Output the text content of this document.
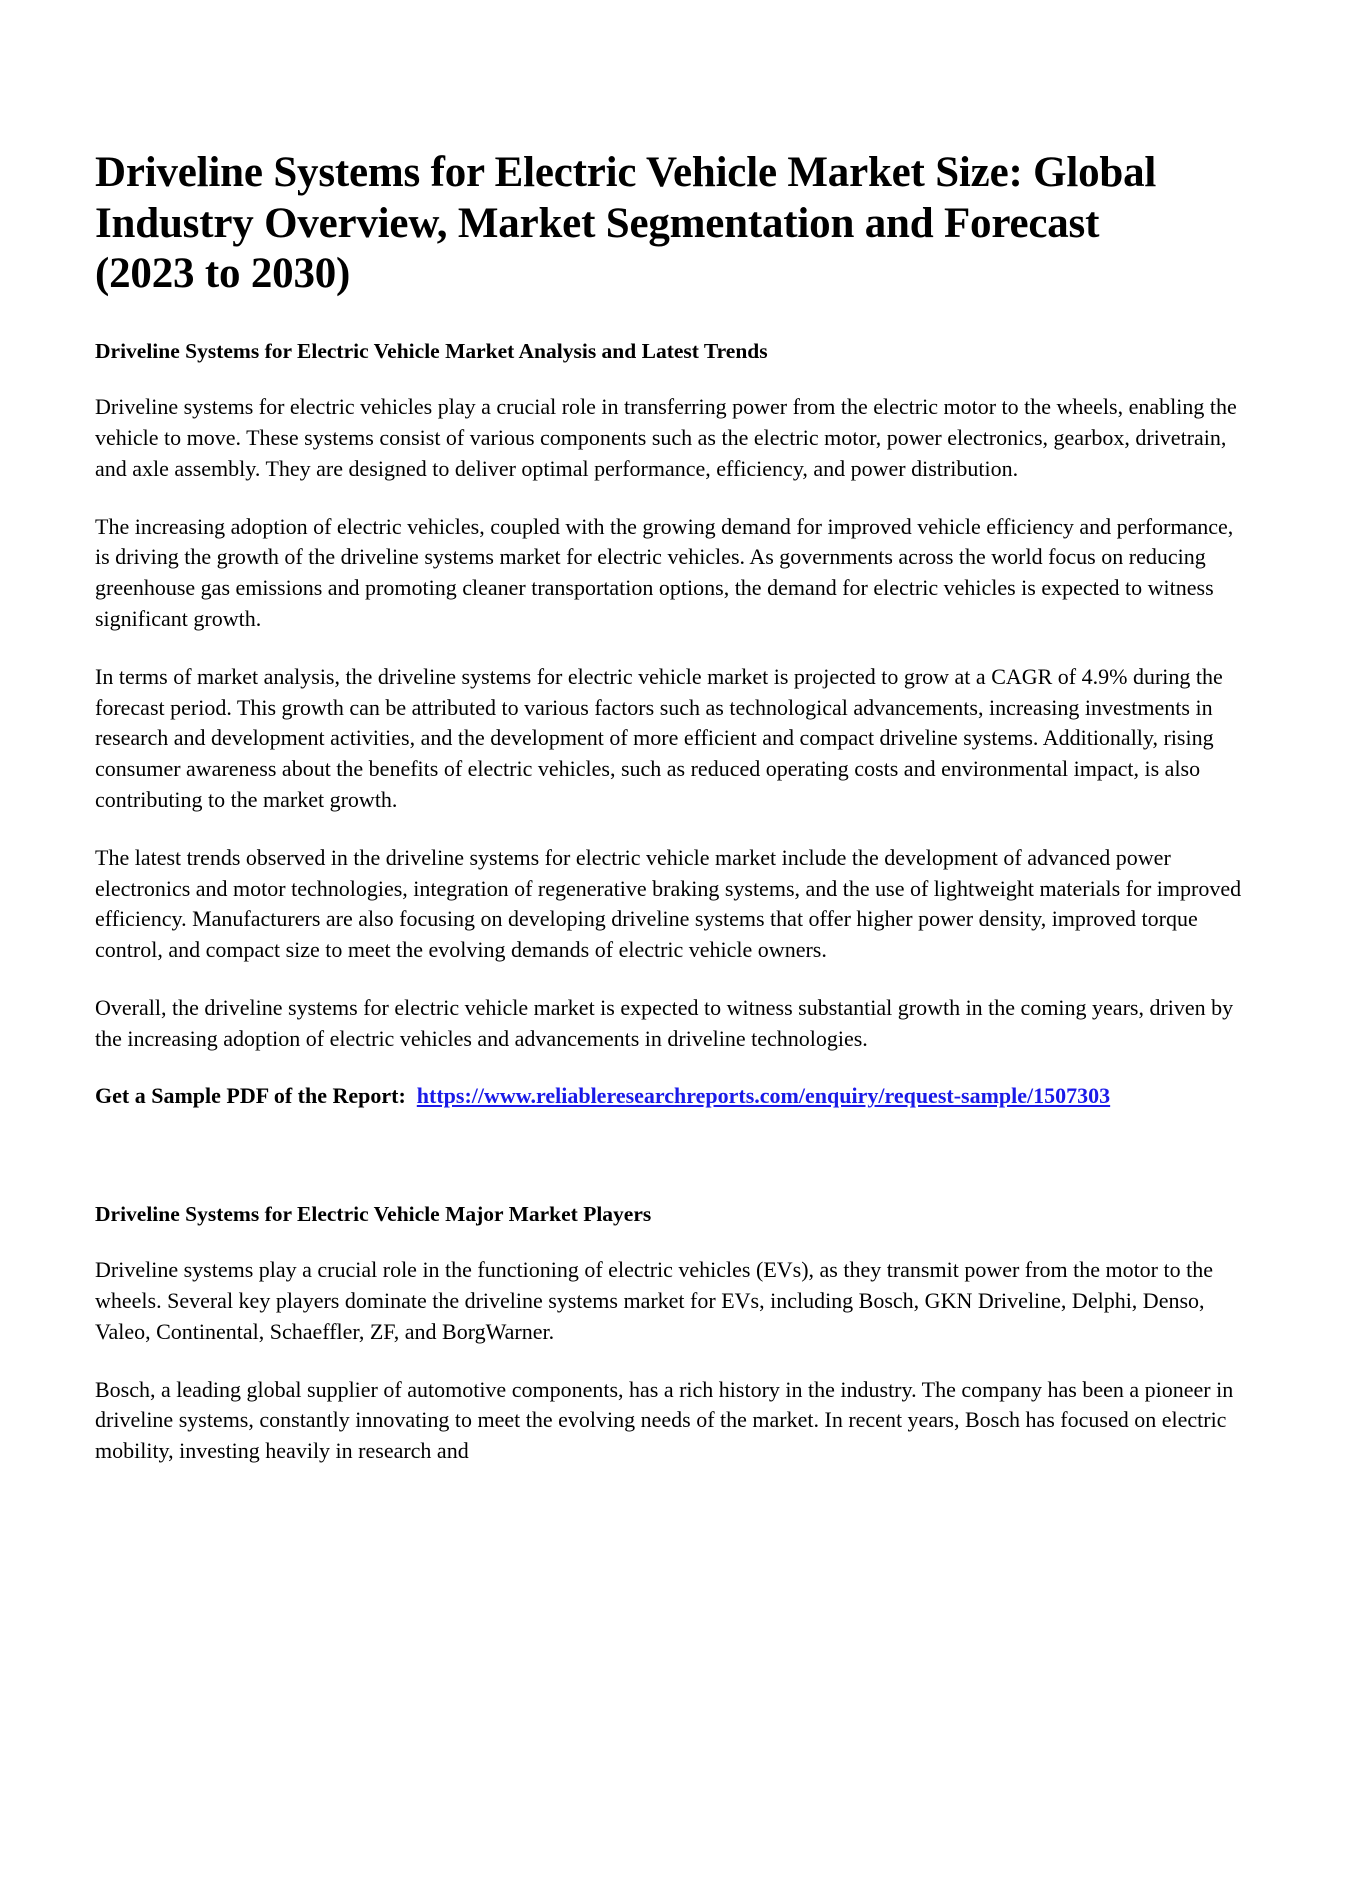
Driveline Systems for Electric Vehicle Market Size: Global Industry Overview, Market Segmentation and Forecast (2023 to 2030)
Driveline Systems for Electric Vehicle Market Analysis and Latest Trends

Driveline systems for electric vehicles play a crucial role in transferring power from the electric motor to the wheels, enabling the vehicle to move. These systems consist of various components such as the electric motor, power electronics, gearbox, drivetrain, and axle assembly. They are designed to deliver optimal performance, efficiency, and power distribution.

The increasing adoption of electric vehicles, coupled with the growing demand for improved vehicle efficiency and performance, is driving the growth of the driveline systems market for electric vehicles. As governments across the world focus on reducing greenhouse gas emissions and promoting cleaner transportation options, the demand for electric vehicles is expected to witness significant growth.

In terms of market analysis, the driveline systems for electric vehicle market is projected to grow at a CAGR of 4.9% during the forecast period. This growth can be attributed to various factors such as technological advancements, increasing investments in research and development activities, and the development of more efficient and compact driveline systems. Additionally, rising consumer awareness about the benefits of electric vehicles, such as reduced operating costs and environmental impact, is also contributing to the market growth.

The latest trends observed in the driveline systems for electric vehicle market include the development of advanced power electronics and motor technologies, integration of regenerative braking systems, and the use of lightweight materials for improved efficiency. Manufacturers are also focusing on developing driveline systems that offer higher power density, improved torque control, and compact size to meet the evolving demands of electric vehicle owners.

Overall, the driveline systems for electric vehicle market is expected to witness substantial growth in the coming years, driven by the increasing adoption of electric vehicles and advancements in driveline technologies.

Get a Sample PDF of the Report: https://www.reliableresearchreports.com/enquiry/request-sample/1507303
Driveline Systems for Electric Vehicle Major Market Players

Driveline systems play a crucial role in the functioning of electric vehicles (EVs), as they transmit power from the motor to the wheels. Several key players dominate the driveline systems market for EVs, including Bosch, GKN Driveline, Delphi, Denso, Valeo, Continental, Schaeffler, ZF, and BorgWarner.

Bosch, a leading global supplier of automotive components, has a rich history in the industry. The company has been a pioneer in driveline systems, constantly innovating to meet the evolving needs of the market. In recent years, Bosch has focused on electric mobility, investing heavily in research and
